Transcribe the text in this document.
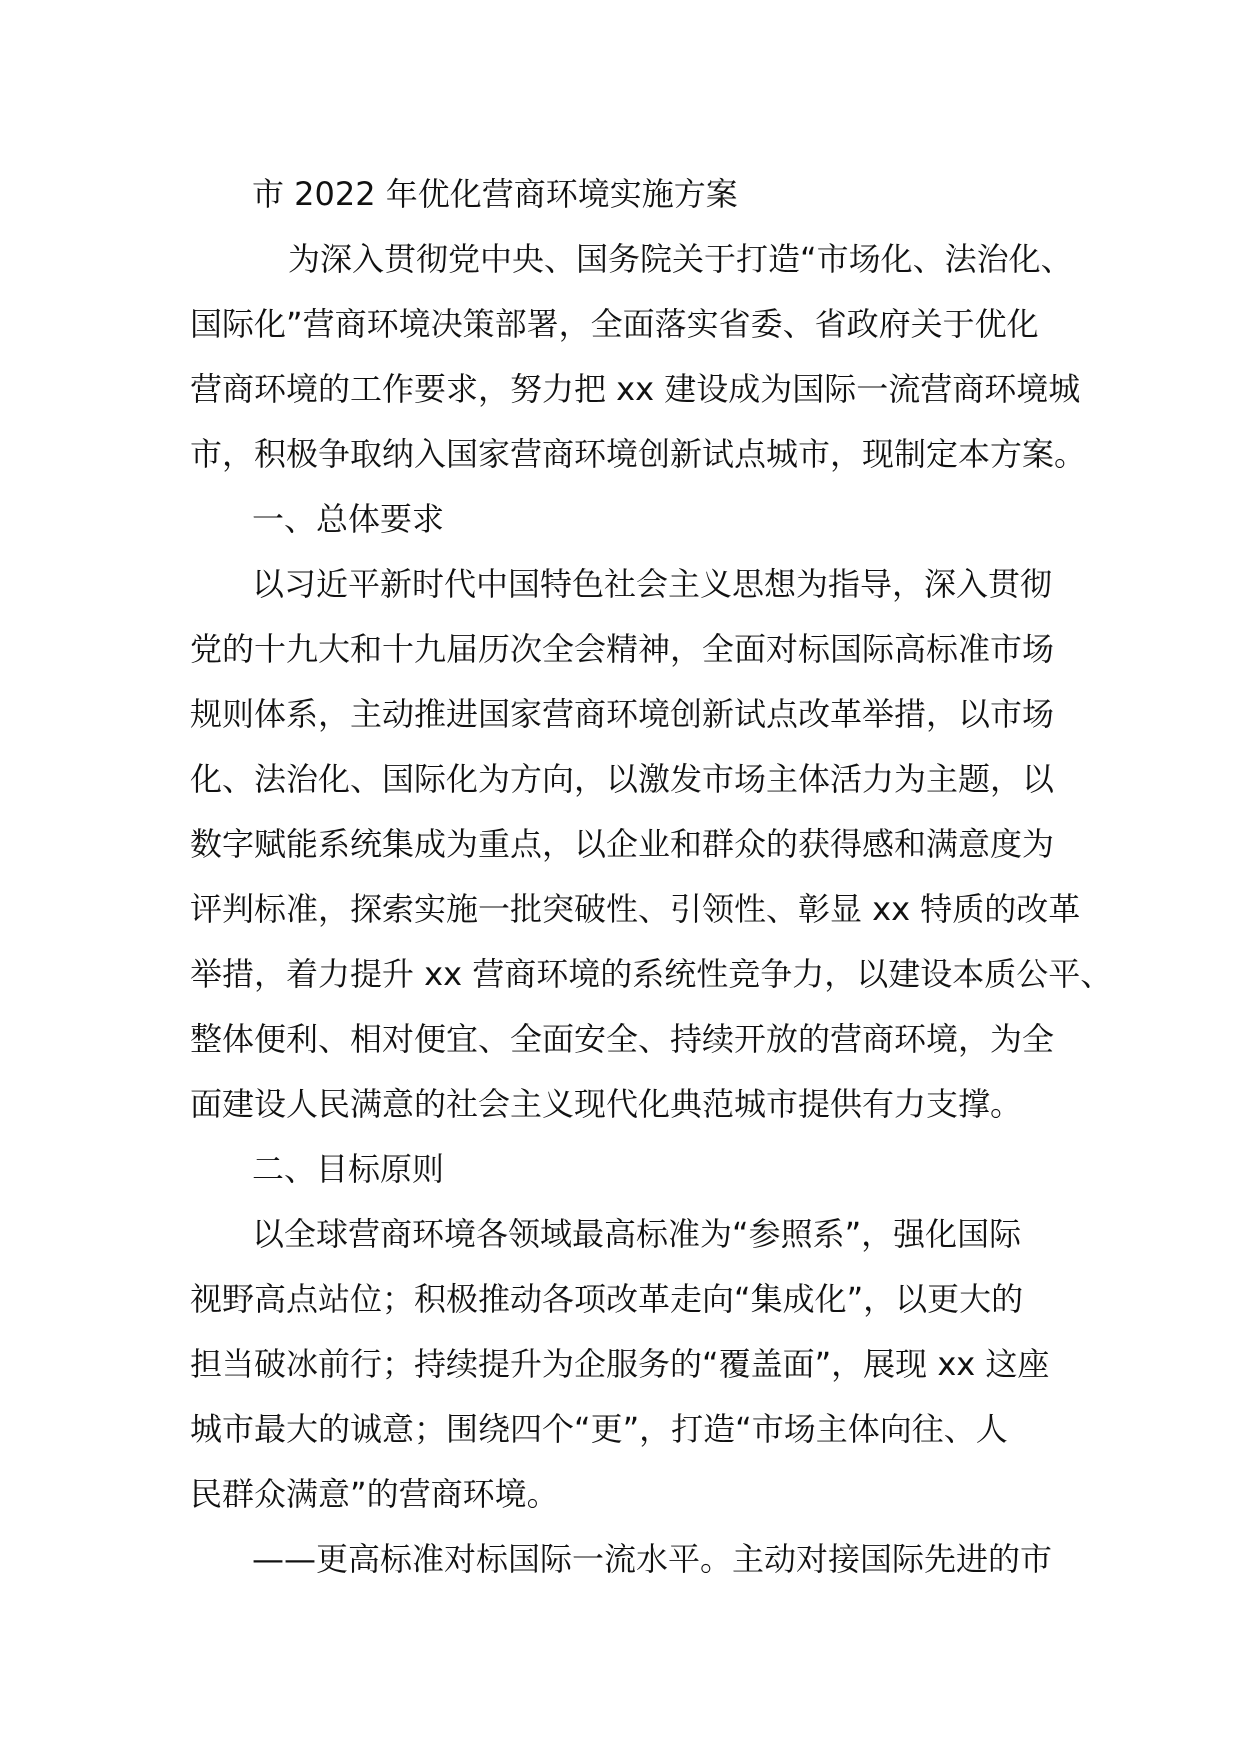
市 2022 年优化营商环境实施方案
为深入贯彻党中央、国务院关于打造“市场化、法治化、
国际化”营商环境决策部署，全面落实省委、省政府关于优化
营商环境的工作要求，努力把 xx 建设成为国际一流营商环境城
市，积极争取纳入国家营商环境创新试点城市，现制定本方案。
一、总体要求
以习近平新时代中国特色社会主义思想为指导，深入贯彻
党的十九大和十九届历次全会精神，全面对标国际高标准市场
规则体系，主动推进国家营商环境创新试点改革举措，以市场
化、法治化、国际化为方向，以激发市场主体活力为主题，以
数字赋能系统集成为重点，以企业和群众的获得感和满意度为
评判标准，探索实施一批突破性、引领性、彰显 xx 特质的改革
举措，着力提升 xx 营商环境的系统性竞争力，以建设本质公平、
整体便利、相对便宜、全面安全、持续开放的营商环境，为全
面建设人民满意的社会主义现代化典范城市提供有力支撑。
二、目标原则
以全球营商环境各领域最高标准为“参照系”，强化国际
视野高点站位；积极推动各项改革走向“集成化”，以更大的
担当破冰前行；持续提升为企服务的“覆盖面”，展现 xx 这座
城市最大的诚意；围绕四个“更”，打造“市场主体向往、人
民群众满意”的营商环境。
——更高标准对标国际一流水平。主动对接国际先进的市
